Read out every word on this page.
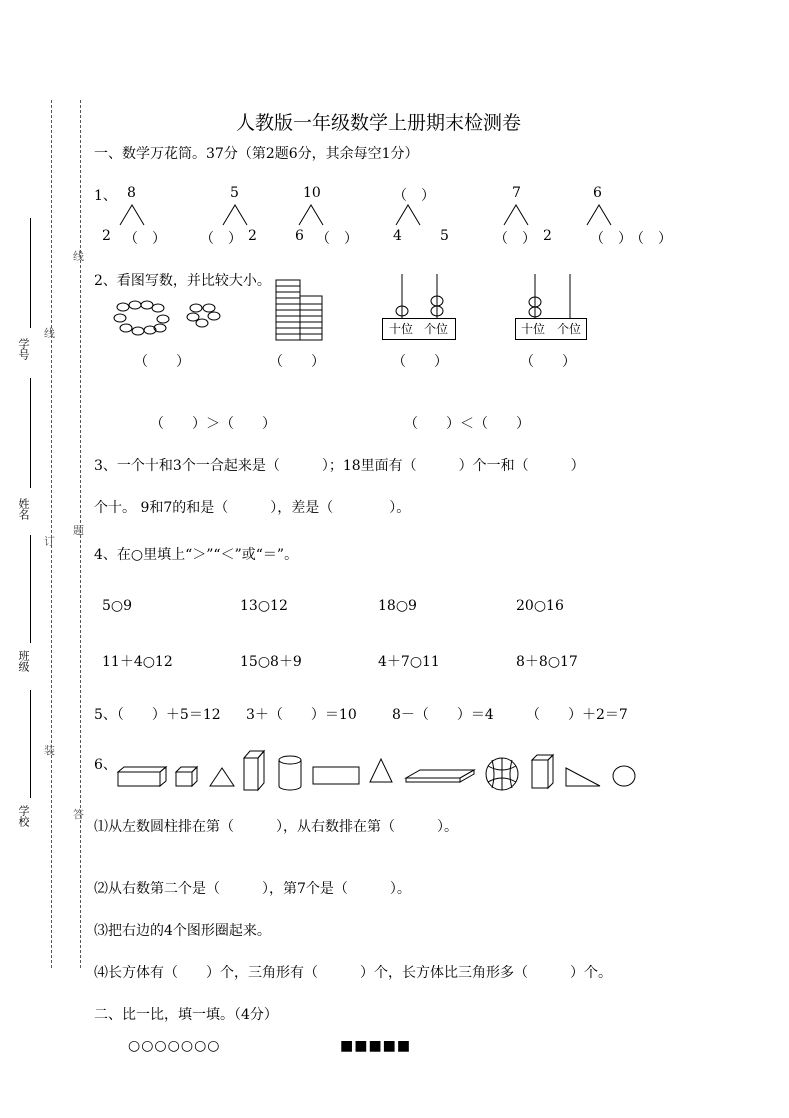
学号
姓名
班级
学校
线
线
订
题
装
答
人教版一年级数学上册期末检测卷
一、数学万花筒。37分（第2题6分，其余每空1分）
1、 8
2 （　）
5
（　） 2
10
6 （　）
（　）
4	5
7
（　） 2
6
（　）
（　）
2、看图写数，并比较大小。
十位 个位	十位 个位
（　　）	（　　）	（　　）	（　　）
（　　）＞（　　）	（　　）＜（　　）
3、一个十和3个一合起来是（　　　）；18里面有（　　　）个一和（　　　）
个十。 9和7的和是（　　　），差是（　　　　）。
4、在○里填上“＞”“＜”或“＝”。
5○9	13○12	18○9	20○16
11＋4○12	15○8＋9	4＋7○11	8＋8○17
5、（　　）＋5＝12 3＋（　　）＝10	8－（　　）＝4 （　　）＋2＝7
6、
⑴从左数圆柱排在第（　　　），从右数排在第（　　　）。
⑵从右数第二个是（　　　），第7个是（　　　）。
⑶把右边的4个图形圈起来。
⑷长方体有（　　）个，三角形有（　　　）个，长方体比三角形多（　　　）个。
二、比一比，填一填。（4分）
○○○○○○○	■■■■■
